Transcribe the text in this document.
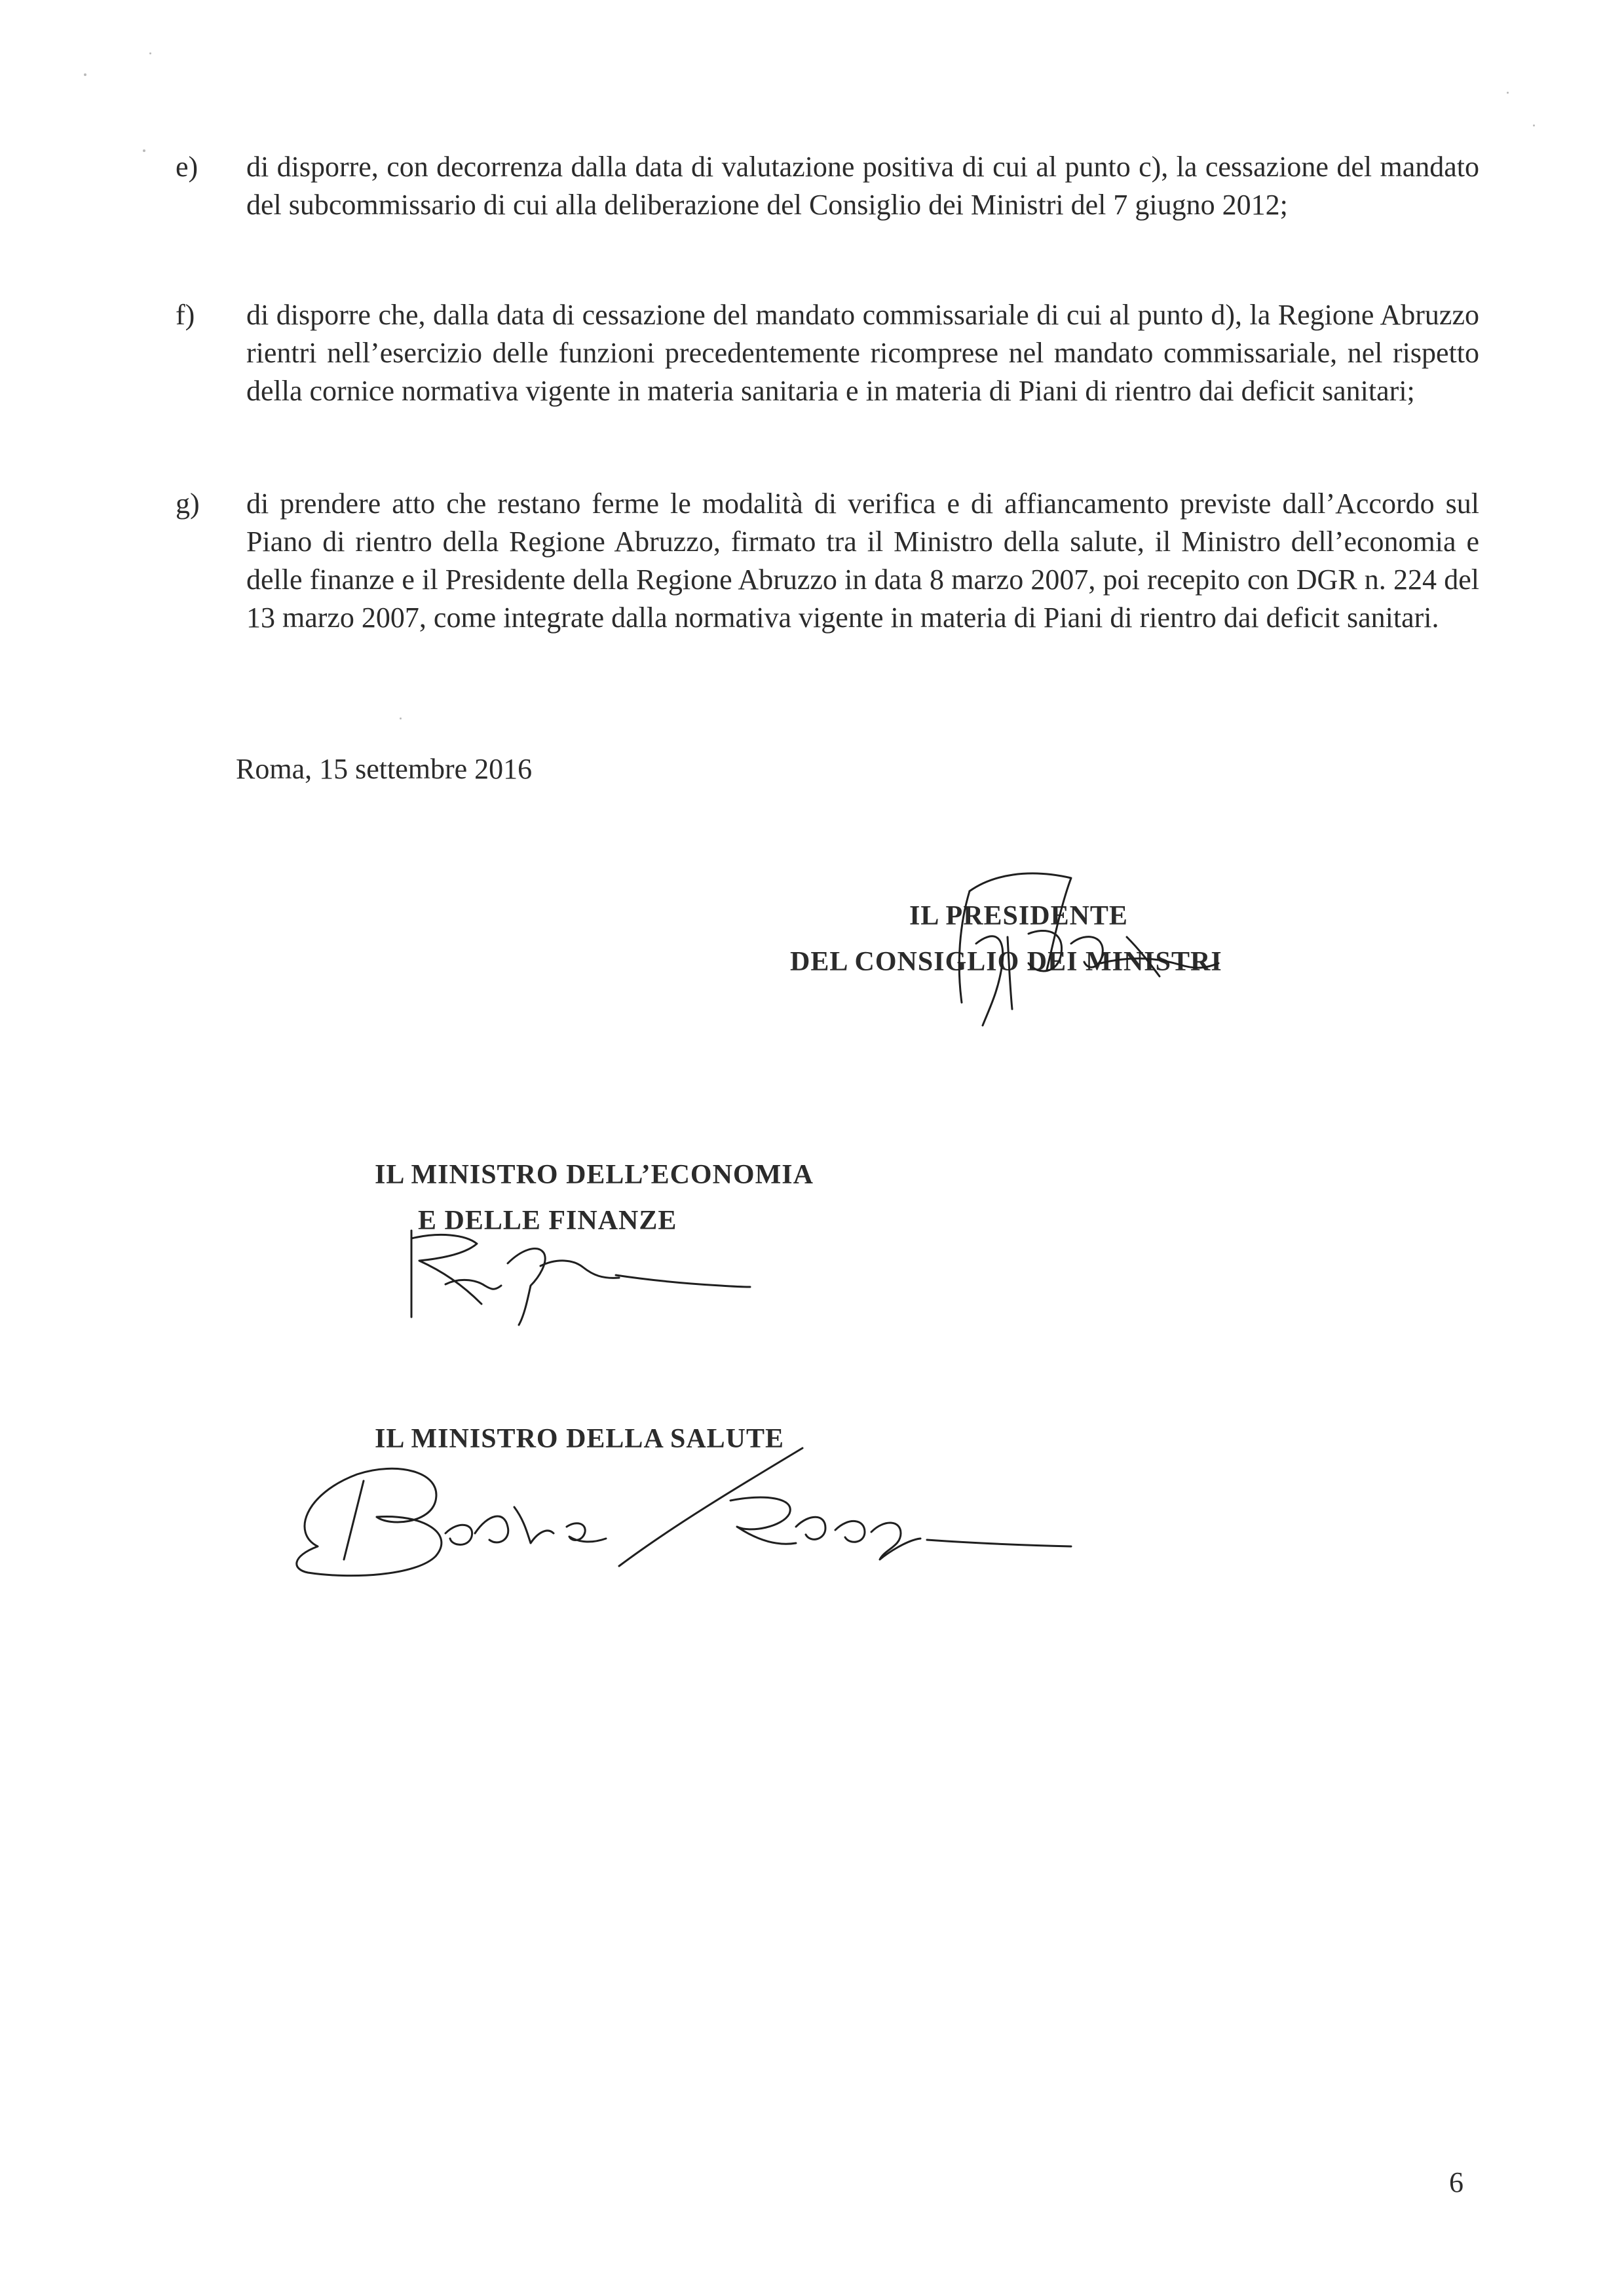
e) di disporre, con decorrenza dalla data di valutazione positiva di cui al punto c), la cessazione del mandato del subcommissario di cui alla deliberazione del Consiglio dei Ministri del 7 giugno 2012;
f) di disporre che, dalla data di cessazione del mandato commissariale di cui al punto d), la Regione Abruzzo rientri nell’esercizio delle funzioni precedentemente ricomprese nel mandato commissariale, nel rispetto della cornice normativa vigente in materia sanitaria e in materia di Piani di rientro dai deficit sanitari;
g) di prendere atto che restano ferme le modalità di verifica e di affiancamento previste dall’Accordo sul Piano di rientro della Regione Abruzzo, firmato tra il Ministro della salute, il Ministro dell’economia e delle finanze e il Presidente della Regione Abruzzo in data 8 marzo 2007, poi recepito con DGR n. 224 del 13 marzo 2007, come integrate dalla normativa vigente in materia di Piani di rientro dai deficit sanitari.
Roma, 15 settembre 2016
IL PRESIDENTE
DEL CONSIGLIO DEI MINISTRI
IL MINISTRO DELL’ECONOMIA
E DELLE FINANZE
IL MINISTRO DELLA SALUTE
6
